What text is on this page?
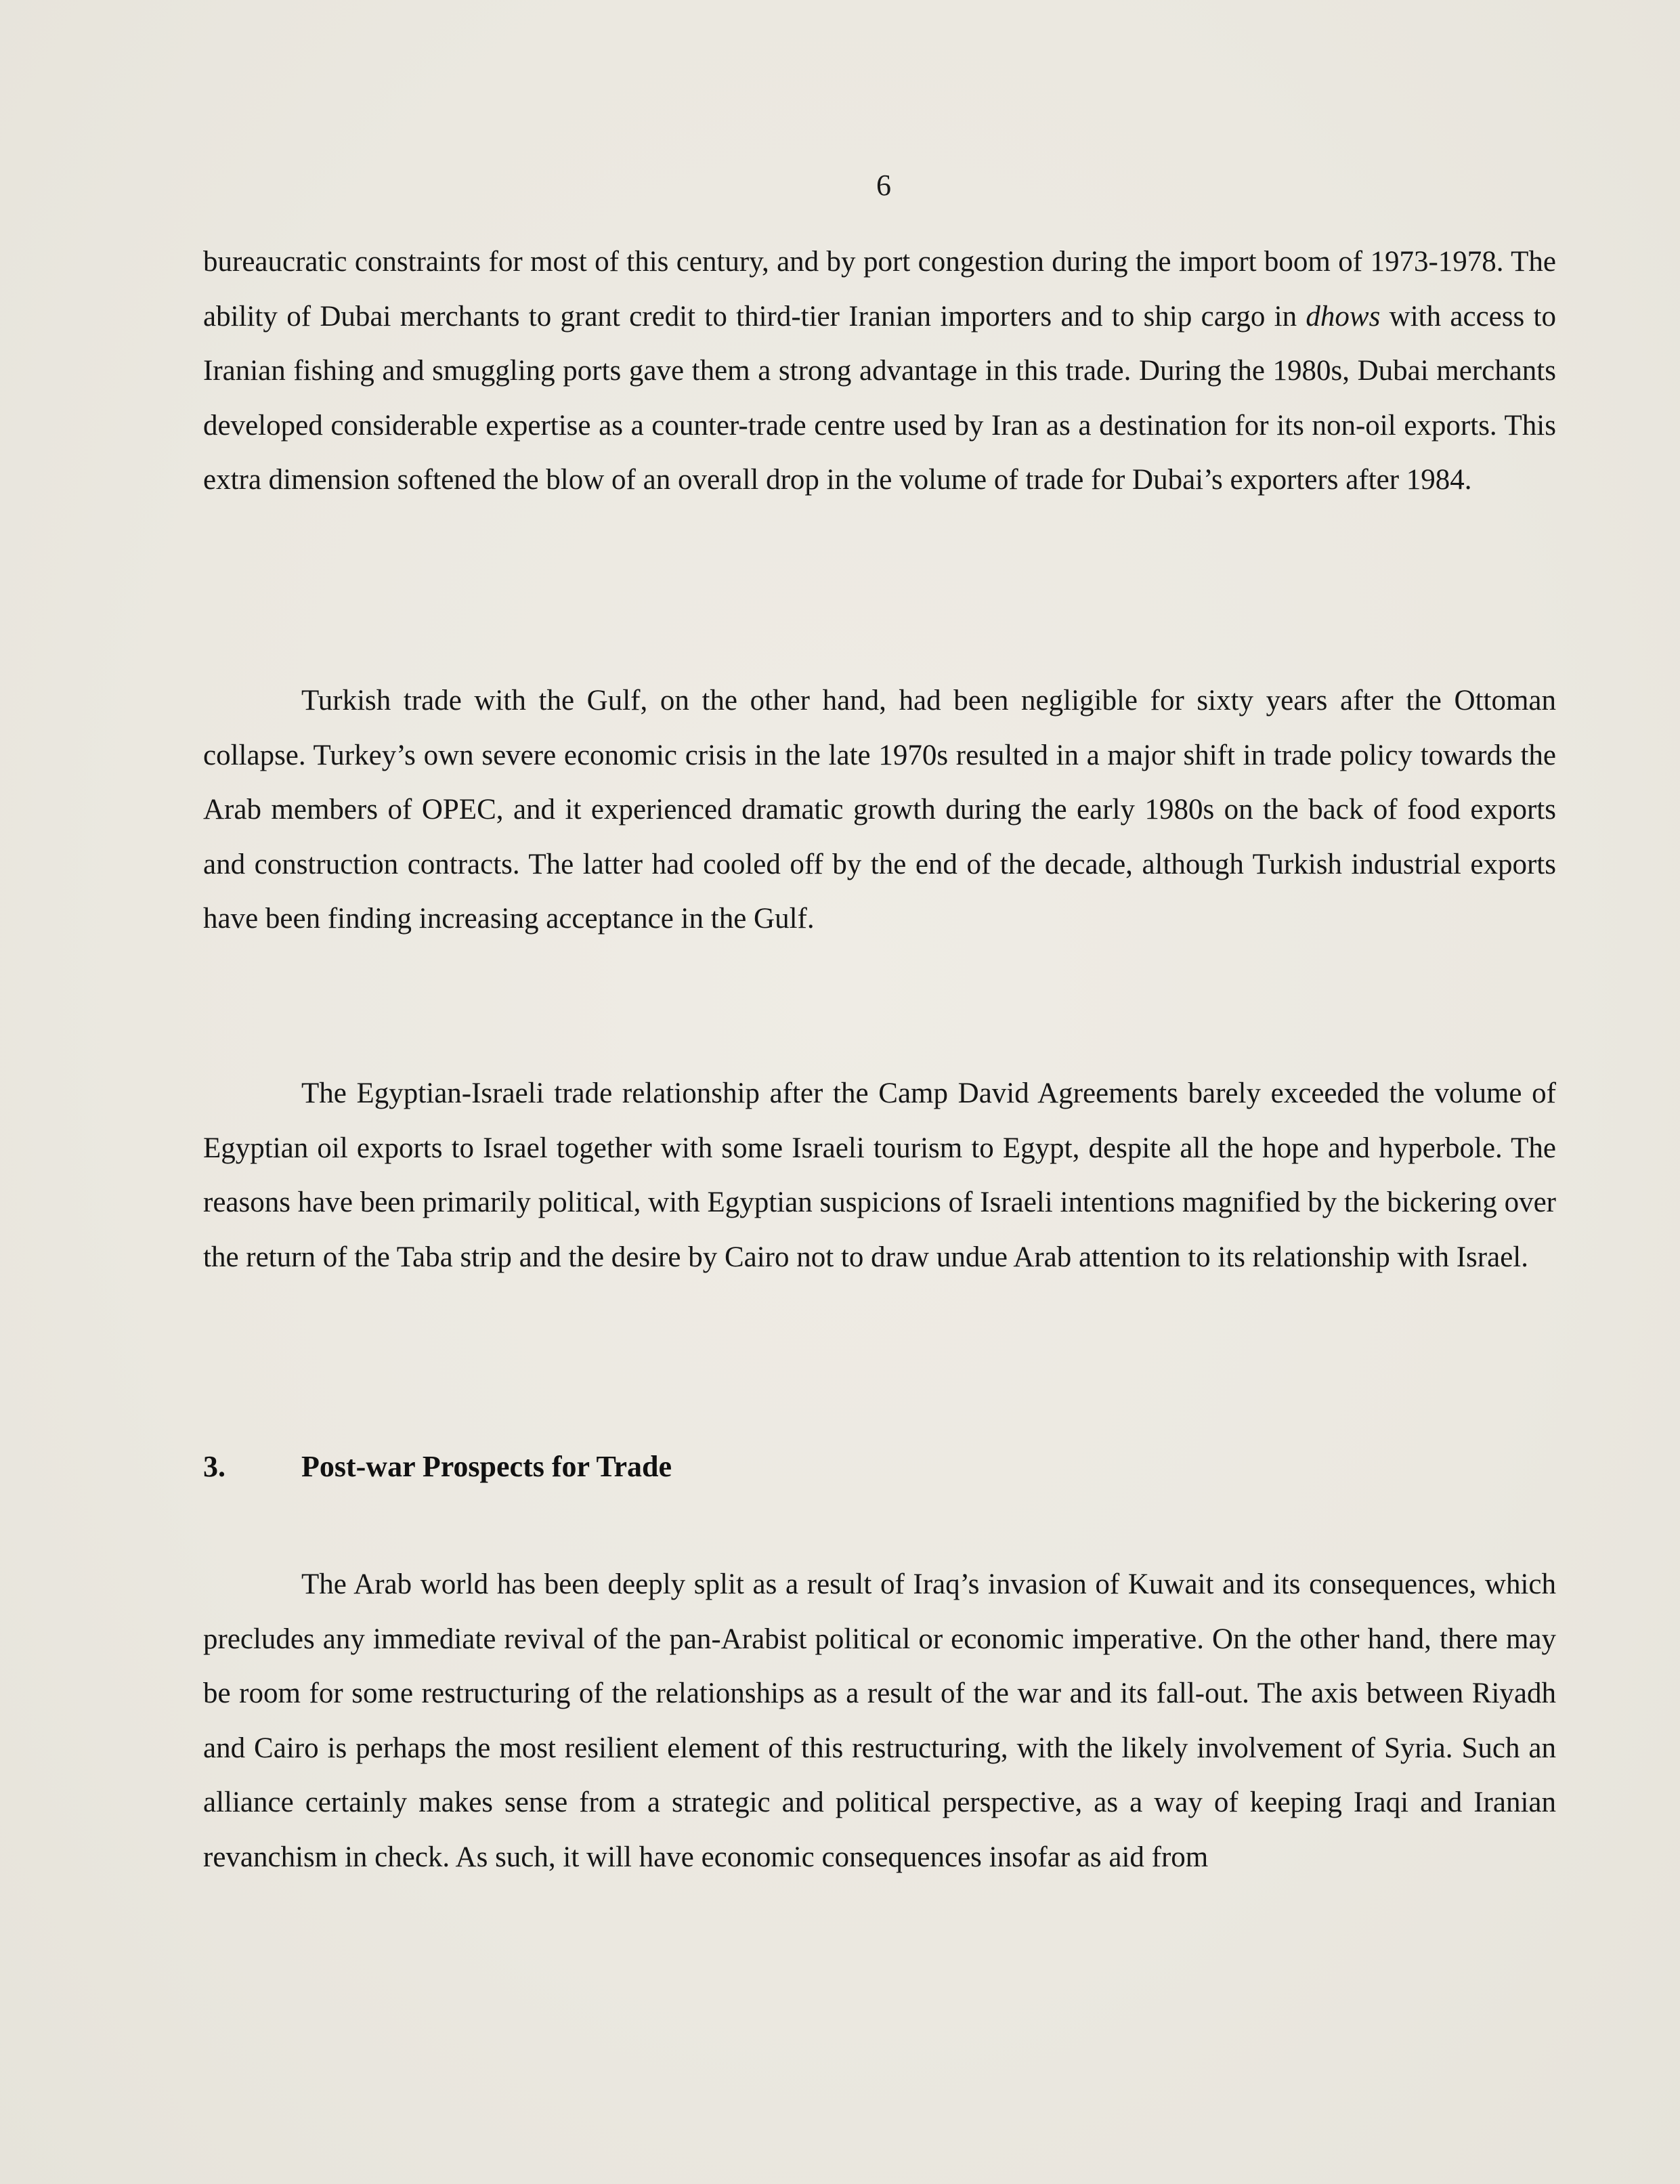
6

bureaucratic constraints for most of this century, and by port congestion during the import boom of 1973-1978. The ability of Dubai merchants to grant credit to third-tier Iranian importers and to ship cargo in dhows with access to Iranian fishing and smuggling ports gave them a strong advantage in this trade. During the 1980s, Dubai merchants developed considerable expertise as a counter-trade centre used by Iran as a destination for its non-oil exports. This extra dimension softened the blow of an overall drop in the volume of trade for Dubai’s exporters after 1984.

Turkish trade with the Gulf, on the other hand, had been negligible for sixty years after the Ottoman collapse. Turkey’s own severe economic crisis in the late 1970s resulted in a major shift in trade policy towards the Arab members of OPEC, and it experienced dramatic growth during the early 1980s on the back of food exports and construction contracts. The latter had cooled off by the end of the decade, although Turkish industrial exports have been finding increasing acceptance in the Gulf.

The Egyptian-Israeli trade relationship after the Camp David Agreements barely exceeded the volume of Egyptian oil exports to Israel together with some Israeli tourism to Egypt, despite all the hope and hyperbole. The reasons have been primarily political, with Egyptian suspicions of Israeli intentions magnified by the bickering over the return of the Taba strip and the desire by Cairo not to draw undue Arab attention to its relationship with Israel.

3.	Post-war Prospects for Trade

The Arab world has been deeply split as a result of Iraq’s invasion of Kuwait and its consequences, which precludes any immediate revival of the pan-Arabist political or economic imperative. On the other hand, there may be room for some restructuring of the relationships as a result of the war and its fall-out. The axis between Riyadh and Cairo is perhaps the most resilient element of this restructuring, with the likely involvement of Syria. Such an alliance certainly makes sense from a strategic and political perspective, as a way of keeping Iraqi and Iranian revanchism in check. As such, it will have economic consequences insofar as aid from
